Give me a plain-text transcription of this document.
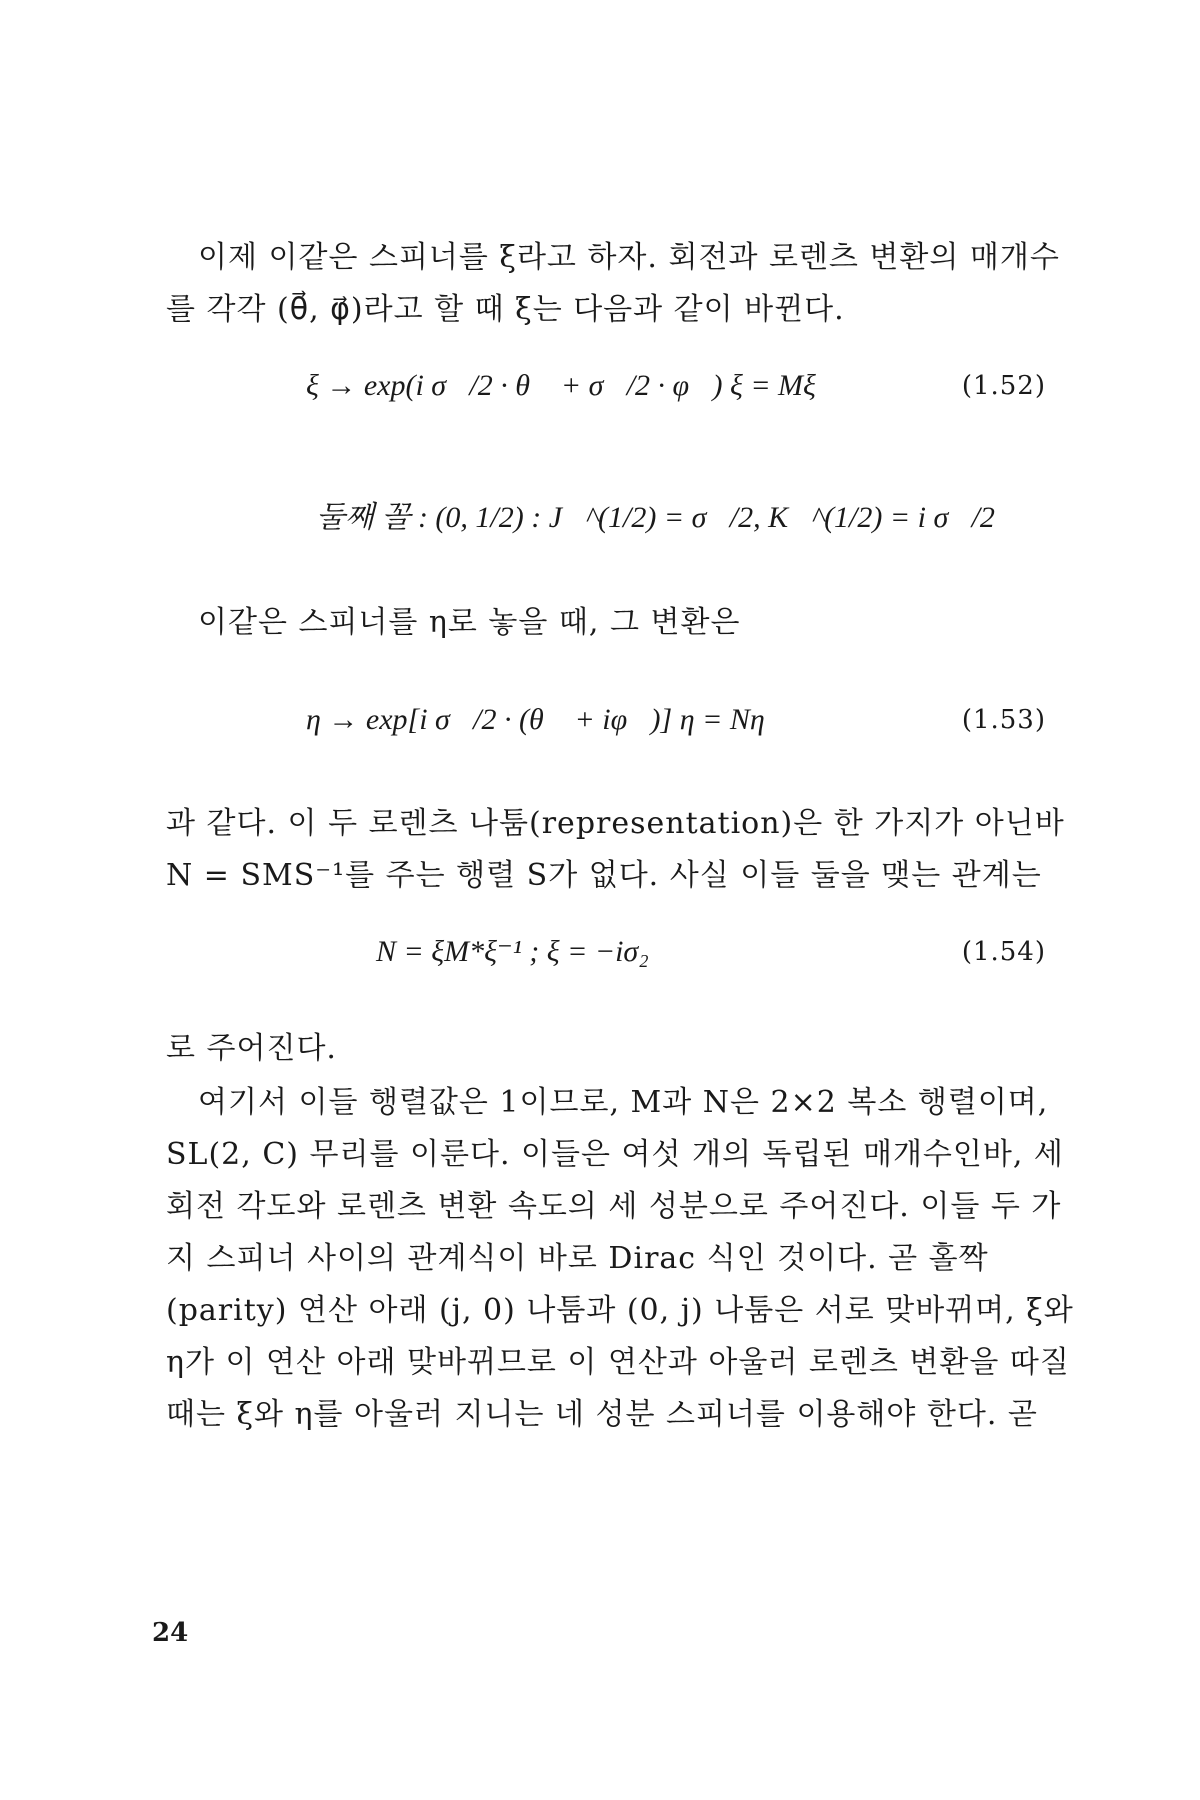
이제 이같은 스피너를 ξ라고 하자. 회전과 로렌츠 변환의 매개수
를 각각 (θ⃗, φ⃗)라고 할 때 ξ는 다음과 같이 바뀐다.
ξ → exp(i σ⃗/2 · θ⃗ + σ⃗/2 · φ⃗) ξ = Mξ	(1.52)
둘째 꼴 : (0, 1/2) : J⃗^(1/2) = σ⃗/2, K⃗^(1/2) = i σ⃗/2
이같은 스피너를 η로 놓을 때, 그 변환은
η → exp[i σ⃗/2 · (θ⃗ + iφ⃗)] η = Nη	(1.53)
과 같다. 이 두 로렌츠 나툼(representation)은 한 가지가 아닌바
N = SMS⁻¹를 주는 행렬 S가 없다. 사실 이들 둘을 맺는 관계는
N = ξM*ξ⁻¹ ; ξ = −iσ₂	(1.54)
로 주어진다.
여기서 이들 행렬값은 1이므로, M과 N은 2×2 복소 행렬이며,
SL(2, C) 무리를 이룬다. 이들은 여섯 개의 독립된 매개수인바, 세
회전 각도와 로렌츠 변환 속도의 세 성분으로 주어진다. 이들 두 가
지 스피너 사이의 관계식이 바로 Dirac 식인 것이다. 곧 홀짝
(parity) 연산 아래 (j, 0) 나툼과 (0, j) 나툼은 서로 맞바뀌며, ξ와
η가 이 연산 아래 맞바뀌므로 이 연산과 아울러 로렌츠 변환을 따질
때는 ξ와 η를 아울러 지니는 네 성분 스피너를 이용해야 한다. 곧
24
